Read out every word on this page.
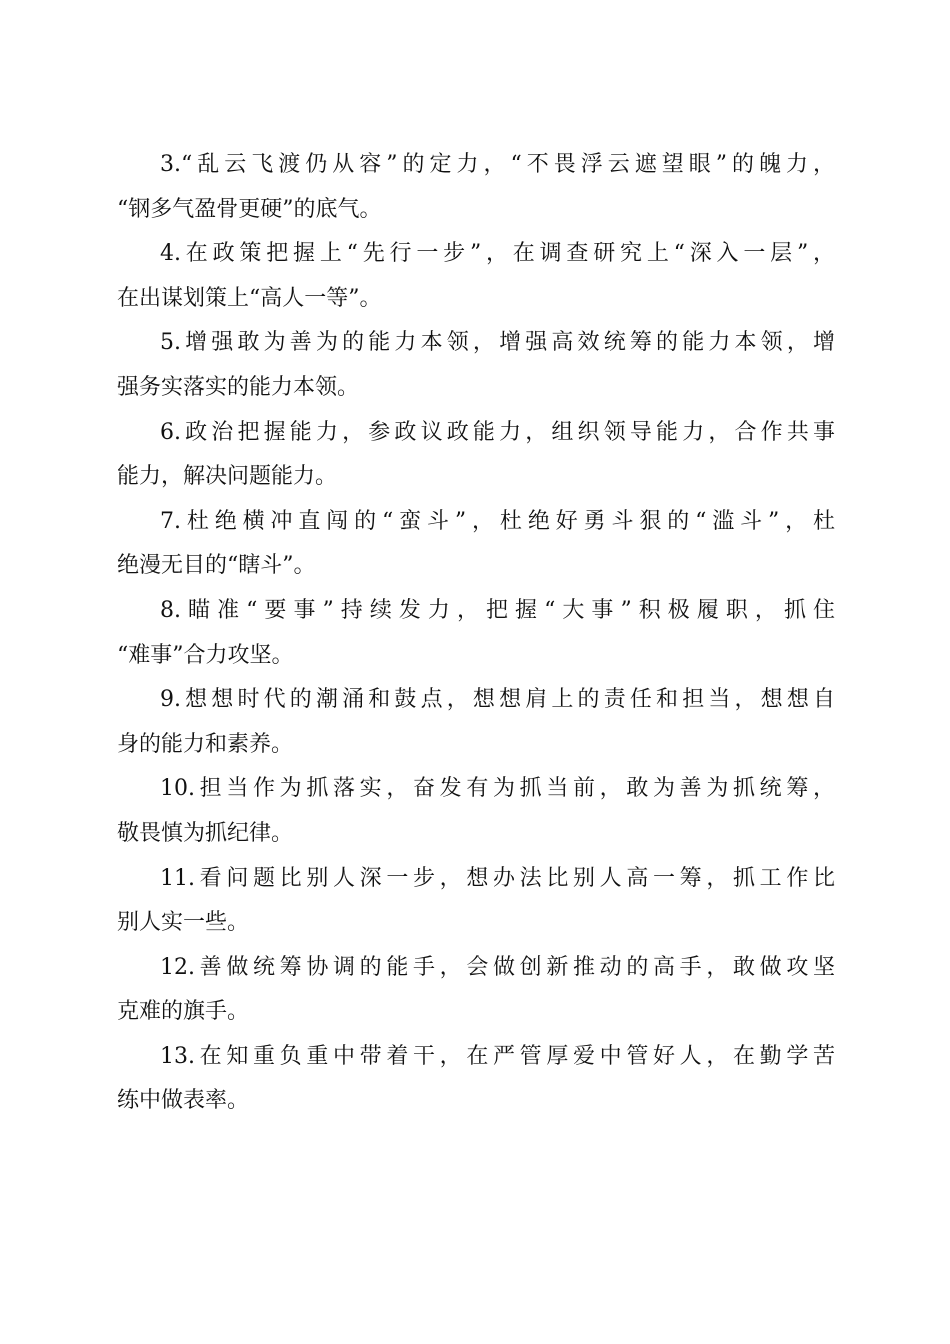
3.“乱云飞渡仍从容”的定力，“不畏浮云遮望眼”的魄力，
“钢多气盈骨更硬”的底气。
4.在政策把握上“先行一步”，在调查研究上“深入一层”，
在出谋划策上“高人一等”。
5.增强敢为善为的能力本领，增强高效统筹的能力本领，增
强务实落实的能力本领。
6.政治把握能力，参政议政能力，组织领导能力，合作共事
能力，解决问题能力。
7.杜绝横冲直闯的“蛮斗”，杜绝好勇斗狠的“滥斗”，杜
绝漫无目的“瞎斗”。
8.瞄准“要事”持续发力，把握“大事”积极履职，抓住
“难事”合力攻坚。
9.想想时代的潮涌和鼓点，想想肩上的责任和担当，想想自
身的能力和素养。
10.担当作为抓落实，奋发有为抓当前，敢为善为抓统筹，
敬畏慎为抓纪律。
11.看问题比别人深一步，想办法比别人高一筹，抓工作比
别人实一些。
12.善做统筹协调的能手，会做创新推动的高手，敢做攻坚
克难的旗手。
13.在知重负重中带着干，在严管厚爱中管好人，在勤学苦
练中做表率。
